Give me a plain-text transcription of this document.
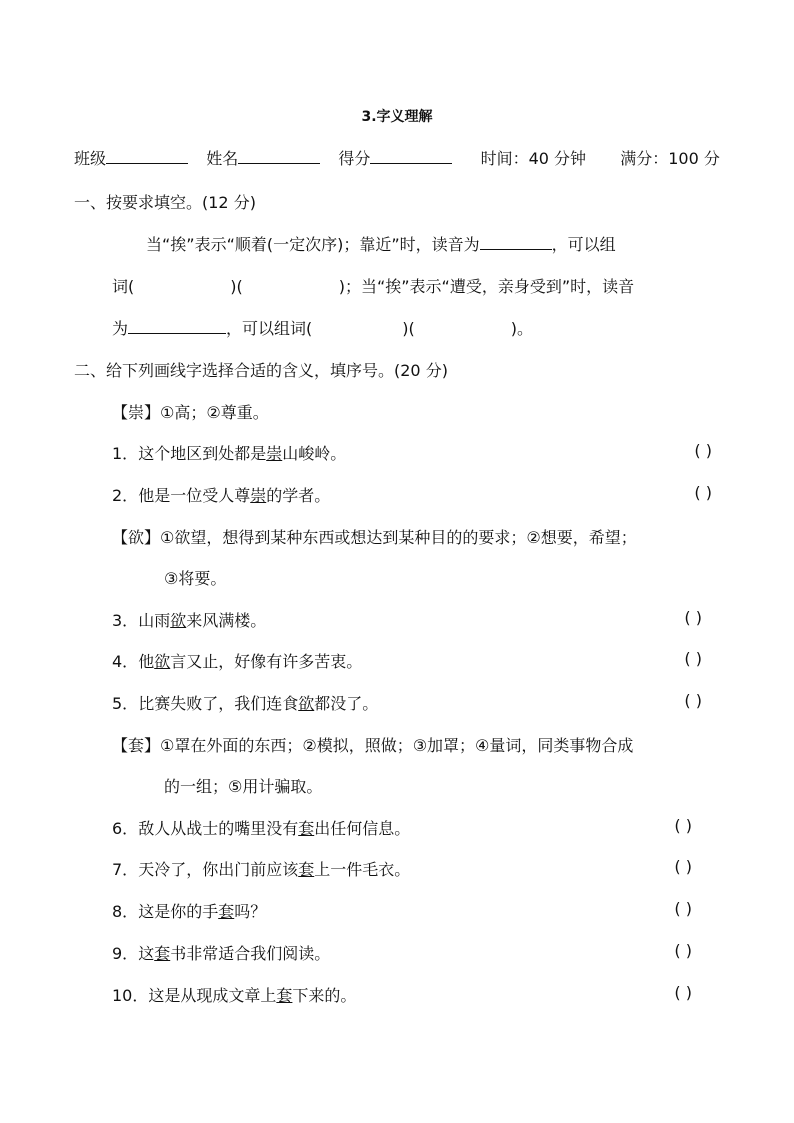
3.字义理解
班级	姓名	得分	时间：40 分钟 满分：100 分
一、按要求填空。(12 分)
当“挨”表示“顺着(一定次序)；靠近”时，读音为	，可以组
词(	)(	)；当“挨”表示“遭受，亲身受到”时，读音
为	，可以组词(	)(	)。
二、给下列画线字选择合适的含义，填序号。(20 分)
【崇】①高；②尊重。
1．这个地区到处都是崇山峻岭。	( )
2．他是一位受人尊崇的学者。	( )
【欲】①欲望，想得到某种东西或想达到某种目的的要求；②想要，希望；
③将要。
3．山雨欲来风满楼。	( )
4．他欲言又止，好像有许多苦衷。	( )
5．比赛失败了，我们连食欲都没了。	( )
【套】①罩在外面的东西；②模拟，照做；③加罩；④量词，同类事物合成
的一组；⑤用计骗取。
6．敌人从战士的嘴里没有套出任何信息。	( )
7．天冷了，你出门前应该套上一件毛衣。	( )
8．这是你的手套吗？	( )
9．这套书非常适合我们阅读。	( )
10．这是从现成文章上套下来的。	( )
